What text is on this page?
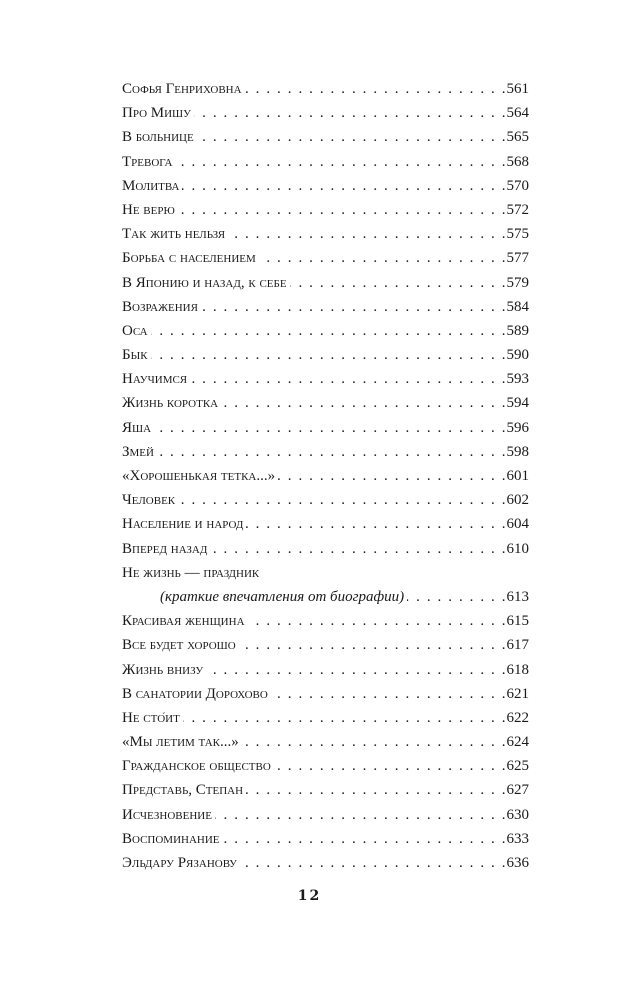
Софья Генриховна . . .	561
Про Мишу . . .	564
В больнице . . .	565
Тревога . . .	568
Молитва . . .	570
Не верю . . .	572
Так жить нельзя . . .	575
Борьба с населением . . .	577
В Японию и назад, к себе . . .	579
Возражения . . .	584
Оса . . .	589
Бык . . .	590
Научимся . . .	593
Жизнь коротка . . .	594
Яша . . .	596
Змей . . .	598
«Хорошенькая тетка...» . . .	601
Человек . . .	602
Население и народ . . .	604
Вперед назад . . .	610
Не жизнь — праздник
(краткие впечатления от биографии) . . .	613
Красивая женщина . . .	615
Все будет хорошо . . .	617
Жизнь внизу . . .	618
В санатории Дорохово . . .	621
Не сто́ит . . .	622
«Мы летим так...» . . .	624
Гражданское общество . . .	625
Представь, Степан . . .	627
Исчезновение . . .	630
Воспоминание . . .	633
Эльдару Рязанову . . .	636
12
